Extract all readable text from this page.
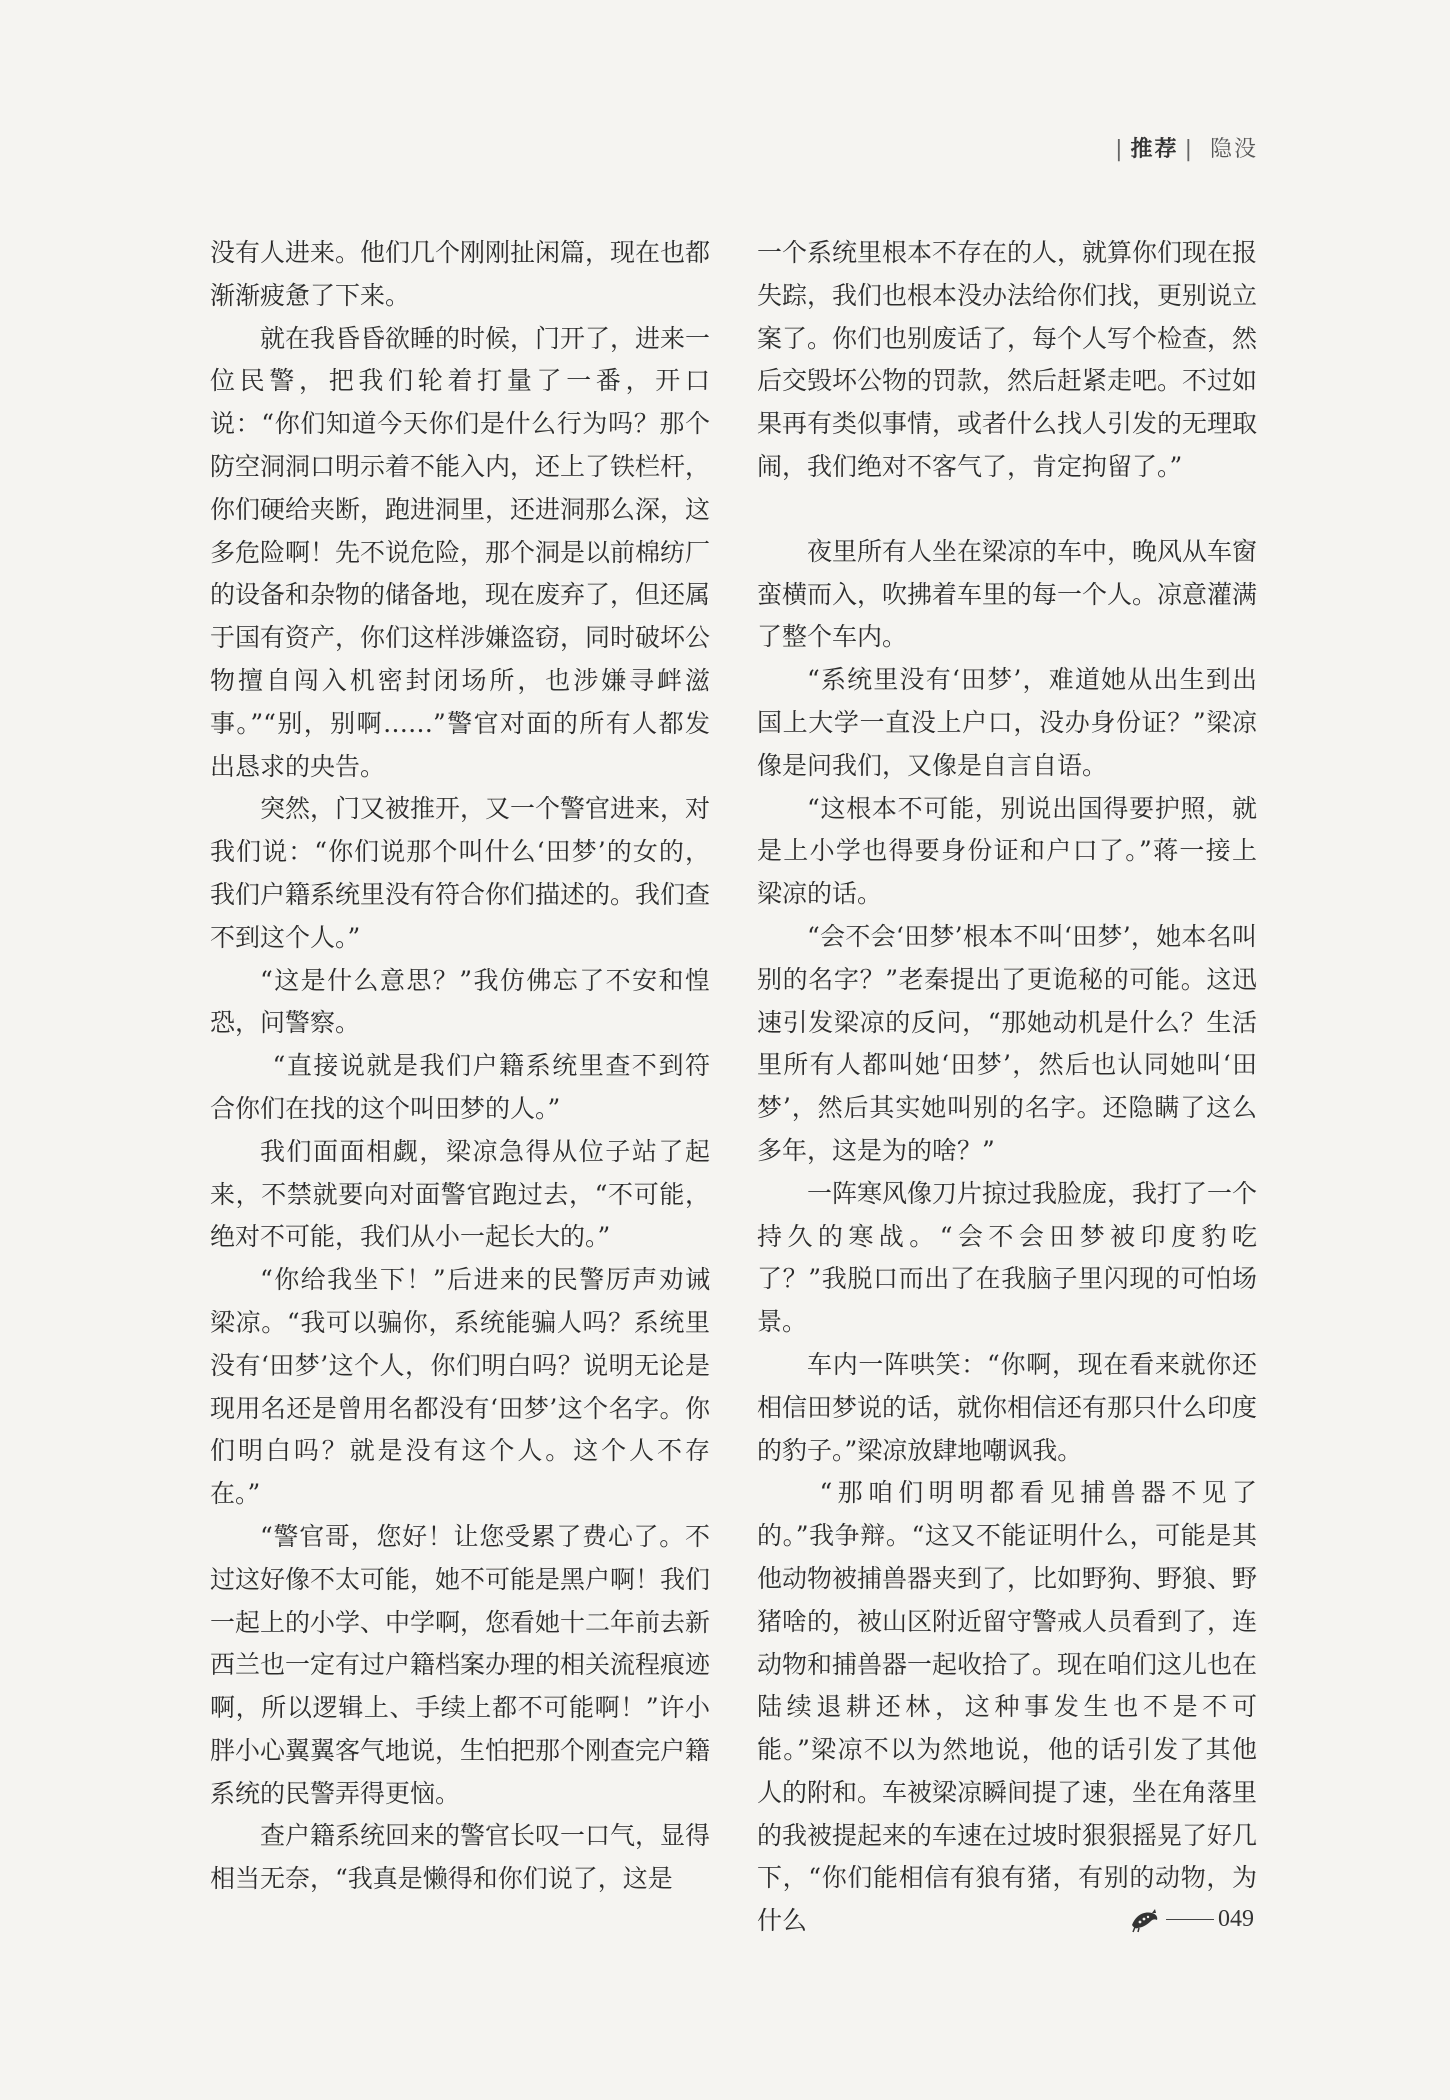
| 推荐 | 隐没

没有人进来。他们几个刚刚扯闲篇，现在也都渐渐疲惫了下来。

就在我昏昏欲睡的时候，门开了，进来一位民警，把我们轮着打量了一番，开口说：“你们知道今天你们是什么行为吗？那个防空洞洞口明示着不能入内，还上了铁栏杆，你们硬给夹断，跑进洞里，还进洞那么深，这多危险啊！先不说危险，那个洞是以前棉纺厂的设备和杂物的储备地，现在废弃了，但还属于国有资产，你们这样涉嫌盗窃，同时破坏公物擅自闯入机密封闭场所，也涉嫌寻衅滋事。”“别，别啊……”警官对面的所有人都发出恳求的央告。

突然，门又被推开，又一个警官进来，对我们说：“你们说那个叫什么‘田梦’的女的，我们户籍系统里没有符合你们描述的。我们查不到这个人。”

“这是什么意思？”我仿佛忘了不安和惶恐，问警察。

“直接说就是我们户籍系统里查不到符合你们在找的这个叫田梦的人。”

我们面面相觑，梁凉急得从位子站了起来，不禁就要向对面警官跑过去，“不可能，绝对不可能，我们从小一起长大的。”

“你给我坐下！”后进来的民警厉声劝诫梁凉。“我可以骗你，系统能骗人吗？系统里没有‘田梦’这个人，你们明白吗？说明无论是现用名还是曾用名都没有‘田梦’这个名字。你们明白吗？就是没有这个人。这个人不存在。”

“警官哥，您好！让您受累了费心了。不过这好像不太可能，她不可能是黑户啊！我们一起上的小学、中学啊，您看她十二年前去新西兰也一定有过户籍档案办理的相关流程痕迹啊，所以逻辑上、手续上都不可能啊！”许小胖小心翼翼客气地说，生怕把那个刚查完户籍系统的民警弄得更恼。

查户籍系统回来的警官长叹一口气，显得相当无奈，“我真是懒得和你们说了，这是

一个系统里根本不存在的人，就算你们现在报失踪，我们也根本没办法给你们找，更别说立案了。你们也别废话了，每个人写个检查，然后交毁坏公物的罚款，然后赶紧走吧。不过如果再有类似事情，或者什么找人引发的无理取闹，我们绝对不客气了，肯定拘留了。”

夜里所有人坐在梁凉的车中，晚风从车窗蛮横而入，吹拂着车里的每一个人。凉意灌满了整个车内。

“系统里没有‘田梦’，难道她从出生到出国上大学一直没上户口，没办身份证？”梁凉像是问我们，又像是自言自语。

“这根本不可能，别说出国得要护照，就是上小学也得要身份证和户口了。”蒋一接上梁凉的话。

“会不会‘田梦’根本不叫‘田梦’，她本名叫别的名字？”老秦提出了更诡秘的可能。这迅速引发梁凉的反问，“那她动机是什么？生活里所有人都叫她‘田梦’，然后也认同她叫‘田梦’，然后其实她叫别的名字。还隐瞒了这么多年，这是为的啥？”

一阵寒风像刀片掠过我脸庞，我打了一个持久的寒战。“会不会田梦被印度豹吃了？”我脱口而出了在我脑子里闪现的可怕场景。

车内一阵哄笑：“你啊，现在看来就你还相信田梦说的话，就你相信还有那只什么印度的豹子。”梁凉放肆地嘲讽我。

“那咱们明明都看见捕兽器不见了的。”我争辩。“这又不能证明什么，可能是其他动物被捕兽器夹到了，比如野狗、野狼、野猪啥的，被山区附近留守警戒人员看到了，连动物和捕兽器一起收拾了。现在咱们这儿也在陆续退耕还林，这种事发生也不是不可能。”梁凉不以为然地说，他的话引发了其他人的附和。车被梁凉瞬间提了速，坐在角落里的我被提起来的车速在过坡时狠狠摇晃了好几下，“你们能相信有狼有猪，有别的动物，为什么	049
